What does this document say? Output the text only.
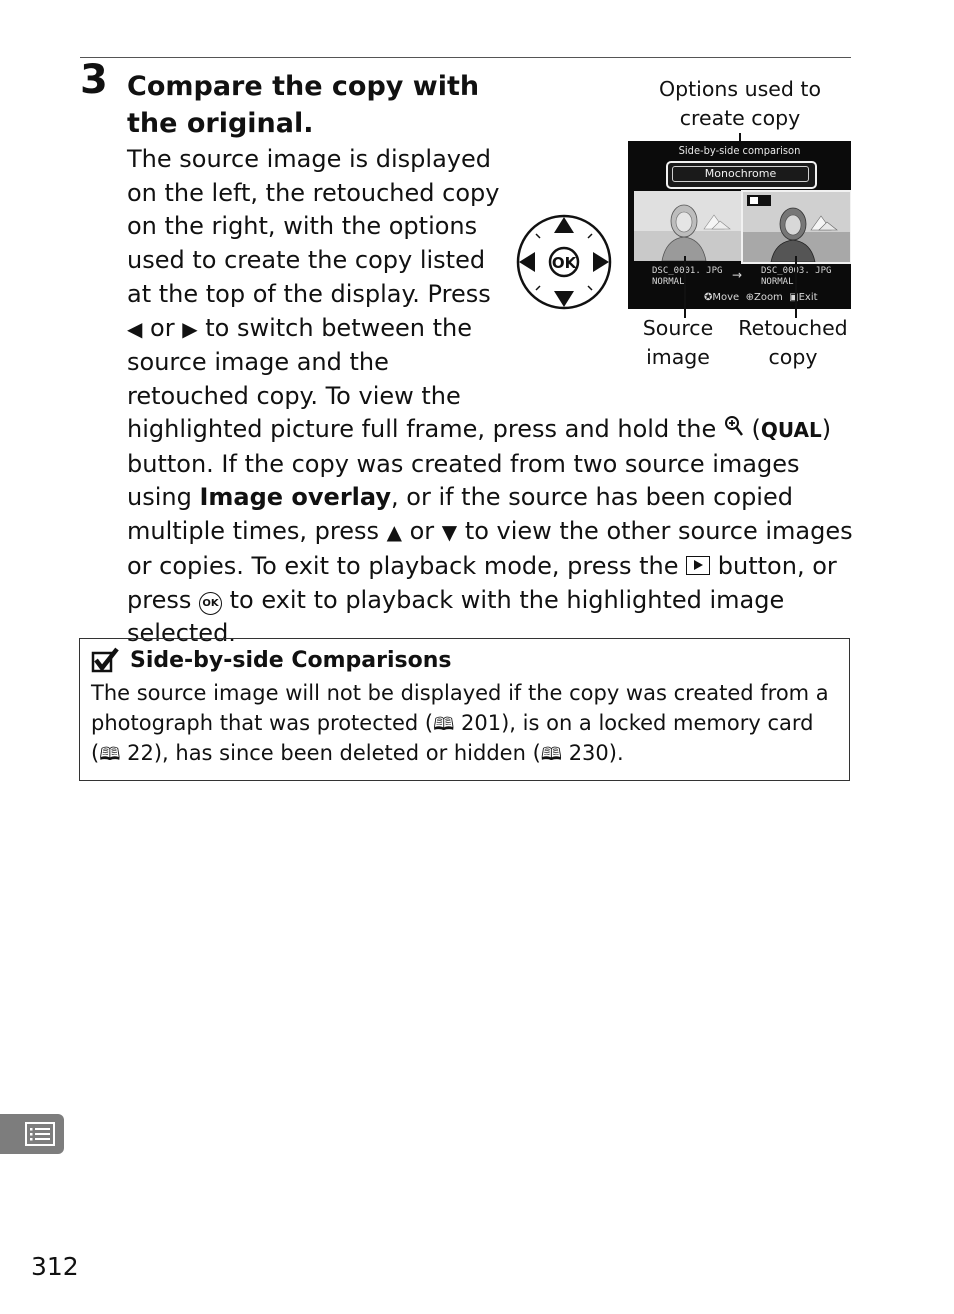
3 Compare the copy with the original.
The source image is displayed on the left, the retouched copy on the right, with the options used to create the copy listed at the top of the display. Press ◀ or ▶ to switch between the source image and the retouched copy. To view the
highlighted picture full frame, press and hold the  (QUAL) button. If the copy was created from two source images using Image overlay, or if the source has been copied multiple times, press ▲ or ▼ to view the other source images or copies. To exit to playback mode, press the  button, or press OK to exit to playback with the highlighted image selected.
OK
Options used to create copy
Side-by-side comparison
Monochrome
DSC_0001. JPG
NORMAL	→ DSC_0003. JPG
NORMAL
✪Move ⊕Zoom ▣Exit
Source image
Retouched copy
Side-by-side Comparisons
The source image will not be displayed if the copy was created from a photograph that was protected (🕮 201), is on a locked memory card (🕮 22), has since been deleted or hidden (🕮 230).
312
